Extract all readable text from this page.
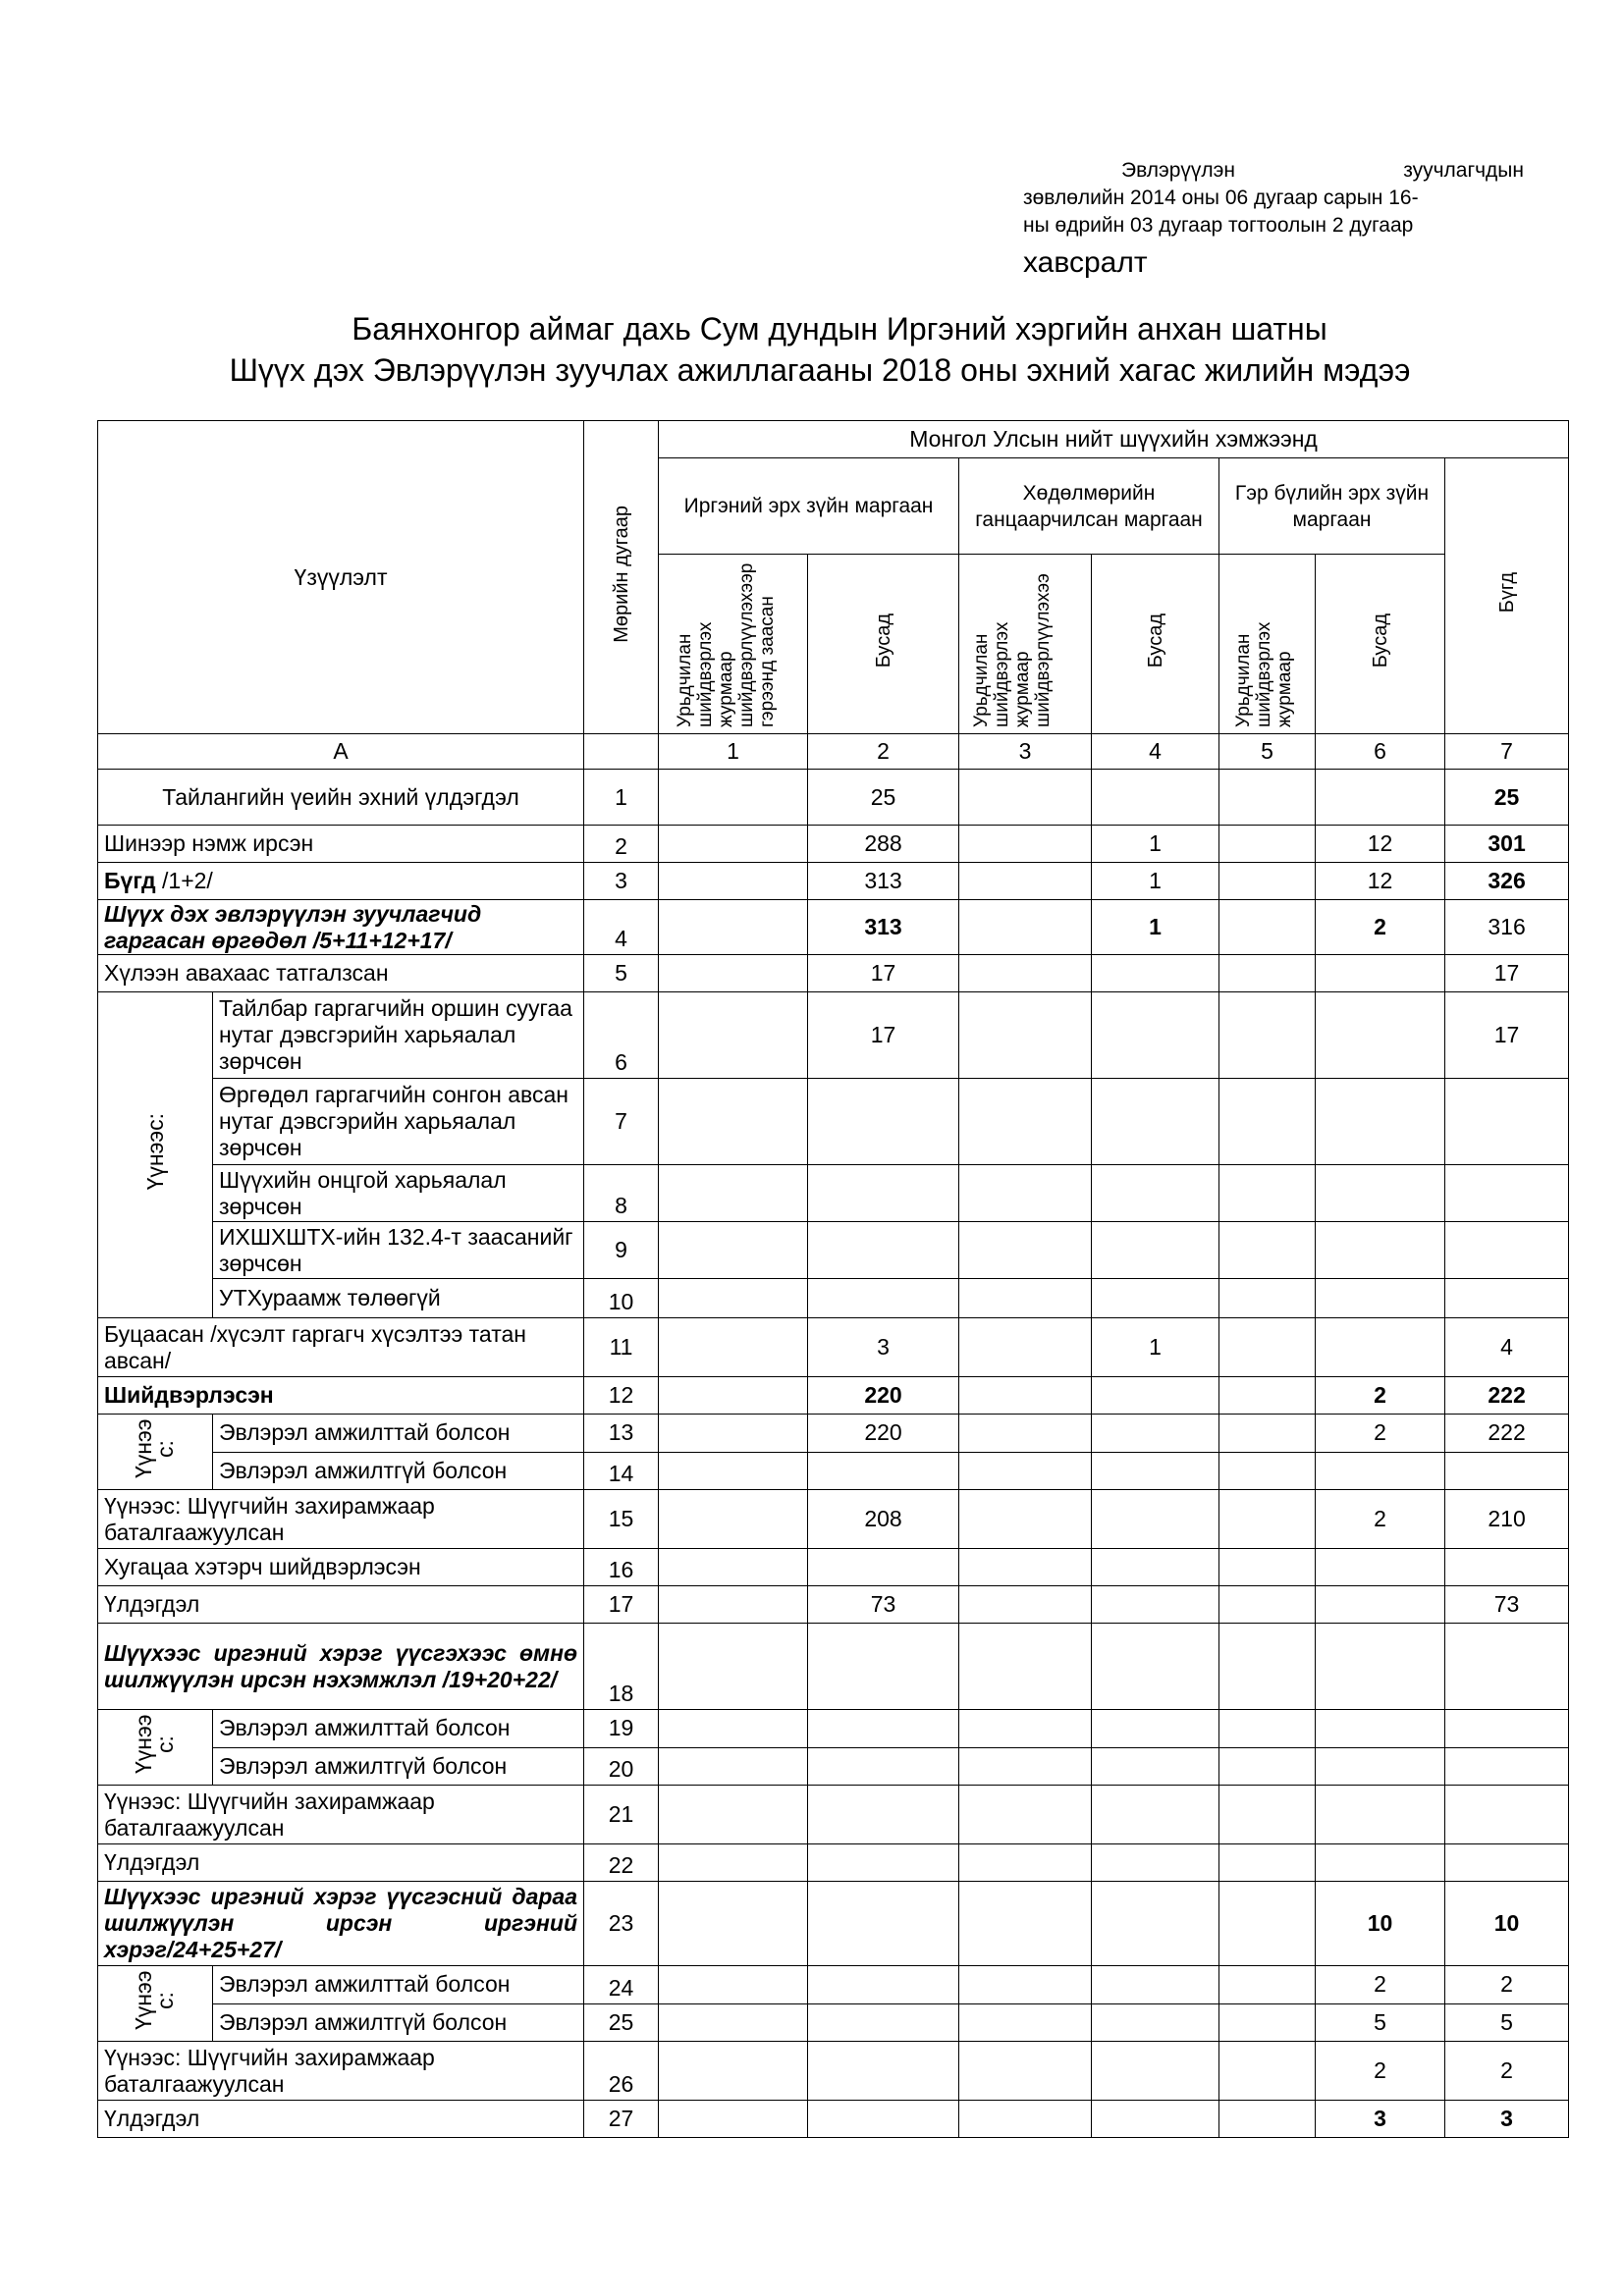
Эвлэрүүлэн	зуучлагчдын
зөвлөлийн 2014 оны 06 дугаар сарын 16-
ны өдрийн 03 дугаар тогтоолын 2 дугаар
хавсралт
Баянхонгор аймаг дахь Сум дундын Иргэний хэргийн анхан шатны
Шүүх дэх Эвлэрүүлэн зуучлах ажиллагааны 2018 оны эхний хагас жилийн мэдээ
Үзүүлэлт		Мөрийн дугаар	Монгол Улсын нийт шүүхийн хэмжээнд						
			Иргэний эрх зүйн маргаан		Хөдөлмөрийн ганцаарчилсан маргаан		Гэр бүлийн эрх зүйн маргаан		Бүгд
			Урьдчилан шийдвэрлэх журмаар шийдвэрлүүлэхээр гэрээнд заасан	Бусад	Урьдчилан шийдвэрлэх журмаар шийдвэрлүүлэхээ	Бусад	Урьдчилан шийдвэрлэх журмаар	Бусад	

А			1	2	3	4	5	6	7
Тайлангийн үеийн эхний үлдэгдэл		1		25					25
Шинээр нэмж ирсэн		2		288		1		12	301
Бүгд /1+2/		3		313		1		12	326
Шүүх дэх эвлэрүүлэн зуучлагчид гаргасан өргөдөл /5+11+12+17/		4		313		1		2	316
Хүлээн авахаас татгалзсан		5		17					17
Үүнээс:	Тайлбар гаргагчийн оршин суугаа нутаг дэвсгэрийн харьяалал зөрчсөн	6		17					17
	Өргөдөл гаргагчийн сонгон авсан нутаг дэвсгэрийн харьяалал зөрчсөн	7							
	Шүүхийн онцгой харьяалал зөрчсөн	8							
	ИХШХШТХ-ийн 132.4-т заасанийг зөрчсөн	9							
	УТХураамж төлөөгүй	10							
Буцаасан /хүсэлт гаргагч хүсэлтээ татан авсан/		11		3		1			4
Шийдвэрлэсэн		12		220				2	222
Үүнээ с:	Эвлэрэл амжилттай болсон	13		220				2	222
	Эвлэрэл амжилтгүй болсон	14							
Үүнээс: Шүүгчийн захирамжаар баталгаажуулсан		15		208				2	210
Хугацаа хэтэрч шийдвэрлэсэн		16							
Үлдэгдэл		17		73					73
Шүүхээс иргэний хэрэг үүсгэхээс өмнө шилжүүлэн ирсэн нэхэмжлэл /19+20+22/		18							
Үүнээ с:	Эвлэрэл амжилттай болсон	19							
	Эвлэрэл амжилтгүй болсон	20							
Үүнээс: Шүүгчийн захирамжаар баталгаажуулсан		21							
Үлдэгдэл		22							
Шүүхээс иргэний хэрэг үүсгэсний дараа шилжүүлэн ирсэн иргэний хэрэг/24+25+27/		23						10	10
Үүнээ с:	Эвлэрэл амжилттай болсон	24						2	2
	Эвлэрэл амжилтгүй болсон	25						5	5
Үүнээс: Шүүгчийн захирамжаар баталгаажуулсан		26						2	2
Үлдэгдэл		27						3	3
